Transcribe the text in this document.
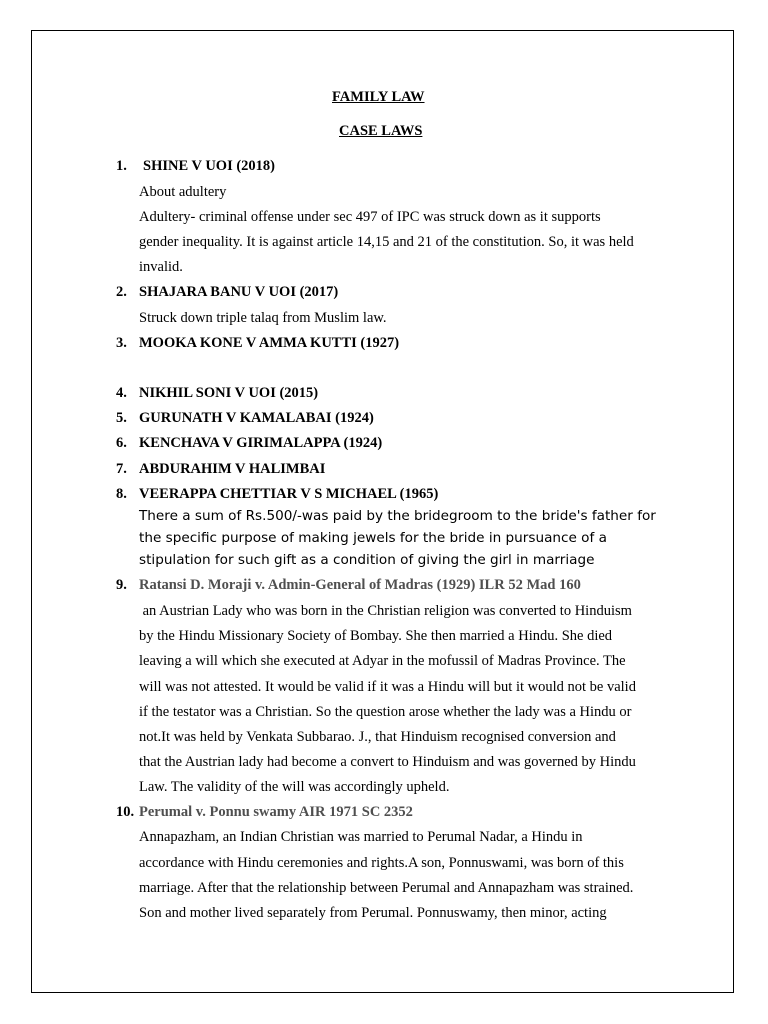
FAMILY LAW
CASE LAWS
1. SHINE V UOI (2018)
About adultery
Adultery- criminal offense under sec 497 of IPC was struck down as it supports
gender inequality. It is against article 14,15 and 21 of the constitution. So, it was held
invalid.
2. SHAJARA BANU V UOI (2017)
Struck down triple talaq from Muslim law.
3. MOOKA KONE V AMMA KUTTI (1927)
4. NIKHIL SONI V UOI (2015)
5. GURUNATH V KAMALABAI (1924)
6. KENCHAVA V GIRIMALAPPA (1924)
7. ABDURAHIM V HALIMBAI
8. VEERAPPA CHETTIAR V S MICHAEL (1965)
There a sum of Rs.500/-was paid by the bridegroom to the bride's father for
the specific purpose of making jewels for the bride in pursuance of a
stipulation for such gift as a condition of giving the girl in marriage
9. Ratansi D. Moraji v. Admin-General of Madras (1929) ILR 52 Mad 160
an Austrian Lady who was born in the Christian religion was converted to Hinduism
by the Hindu Missionary Society of Bombay. She then married a Hindu. She died
leaving a will which she executed at Adyar in the mofussil of Madras Province. The
will was not attested. It would be valid if it was a Hindu will but it would not be valid
if the testator was a Christian. So the question arose whether the lady was a Hindu or
not.It was held by Venkata Subbarao. J., that Hinduism recognised conversion and
that the Austrian lady had become a convert to Hinduism and was governed by Hindu
Law. The validity of the will was accordingly upheld.
10. Perumal v. Ponnu swamy AIR 1971 SC 2352
Annapazham, an Indian Christian was married to Perumal Nadar, a Hindu in
accordance with Hindu ceremonies and rights.A son, Ponnuswami, was born of this
marriage. After that the relationship between Perumal and Annapazham was strained.
Son and mother lived separately from Perumal. Ponnuswamy, then minor, acting
